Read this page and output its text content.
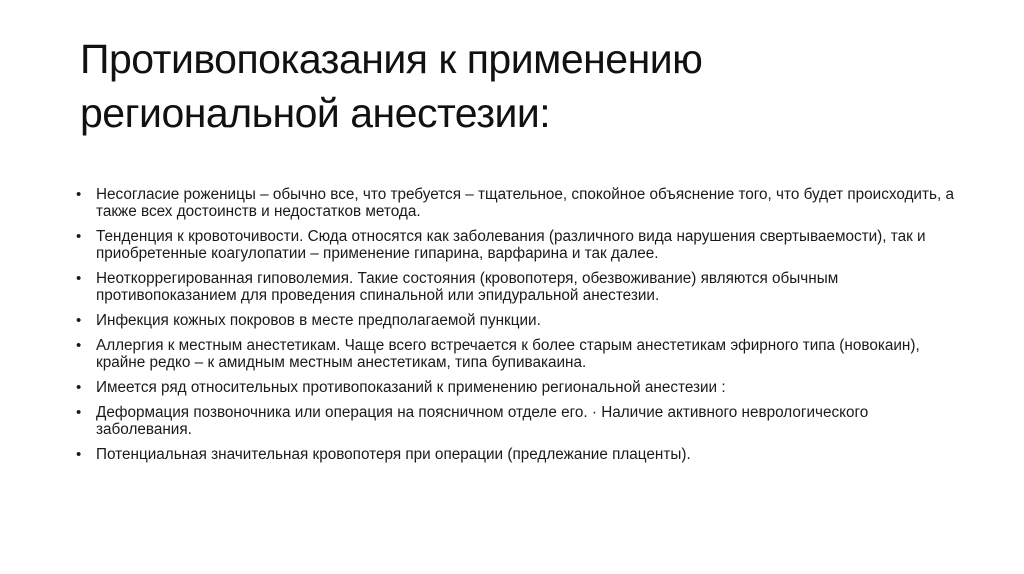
Противопоказания к применению региональной анестезии:
• Несогласие роженицы – обычно все, что требуется – тщательное, спокойное объяснение того, что будет происходить, а также всех достоинств и недостатков метода.
• Тенденция к кровоточивости. Сюда относятся как заболевания (различного вида нарушения свертываемости), так и приобретенные коагулопатии – применение гипарина, варфарина и так далее.
• Неоткоррегированная гиповолемия. Такие состояния (кровопотеря, обезвоживание) являются обычным противопоказанием для проведения спинальной или эпидуральной анестезии.
• Инфекция кожных покровов в месте предполагаемой пункции.
• Аллергия к местным анестетикам. Чаще всего встречается к более старым анестетикам эфирного типа (новокаин), крайне редко – к амидным местным анестетикам, типа бупивакаина.
• Имеется ряд относительных противопоказаний к применению региональной анестезии :
• Деформация позвоночника или операция на поясничном отделе его. · Наличие активного неврологического заболевания.
• Потенциальная значительная кровопотеря при операции (предлежание плаценты).
